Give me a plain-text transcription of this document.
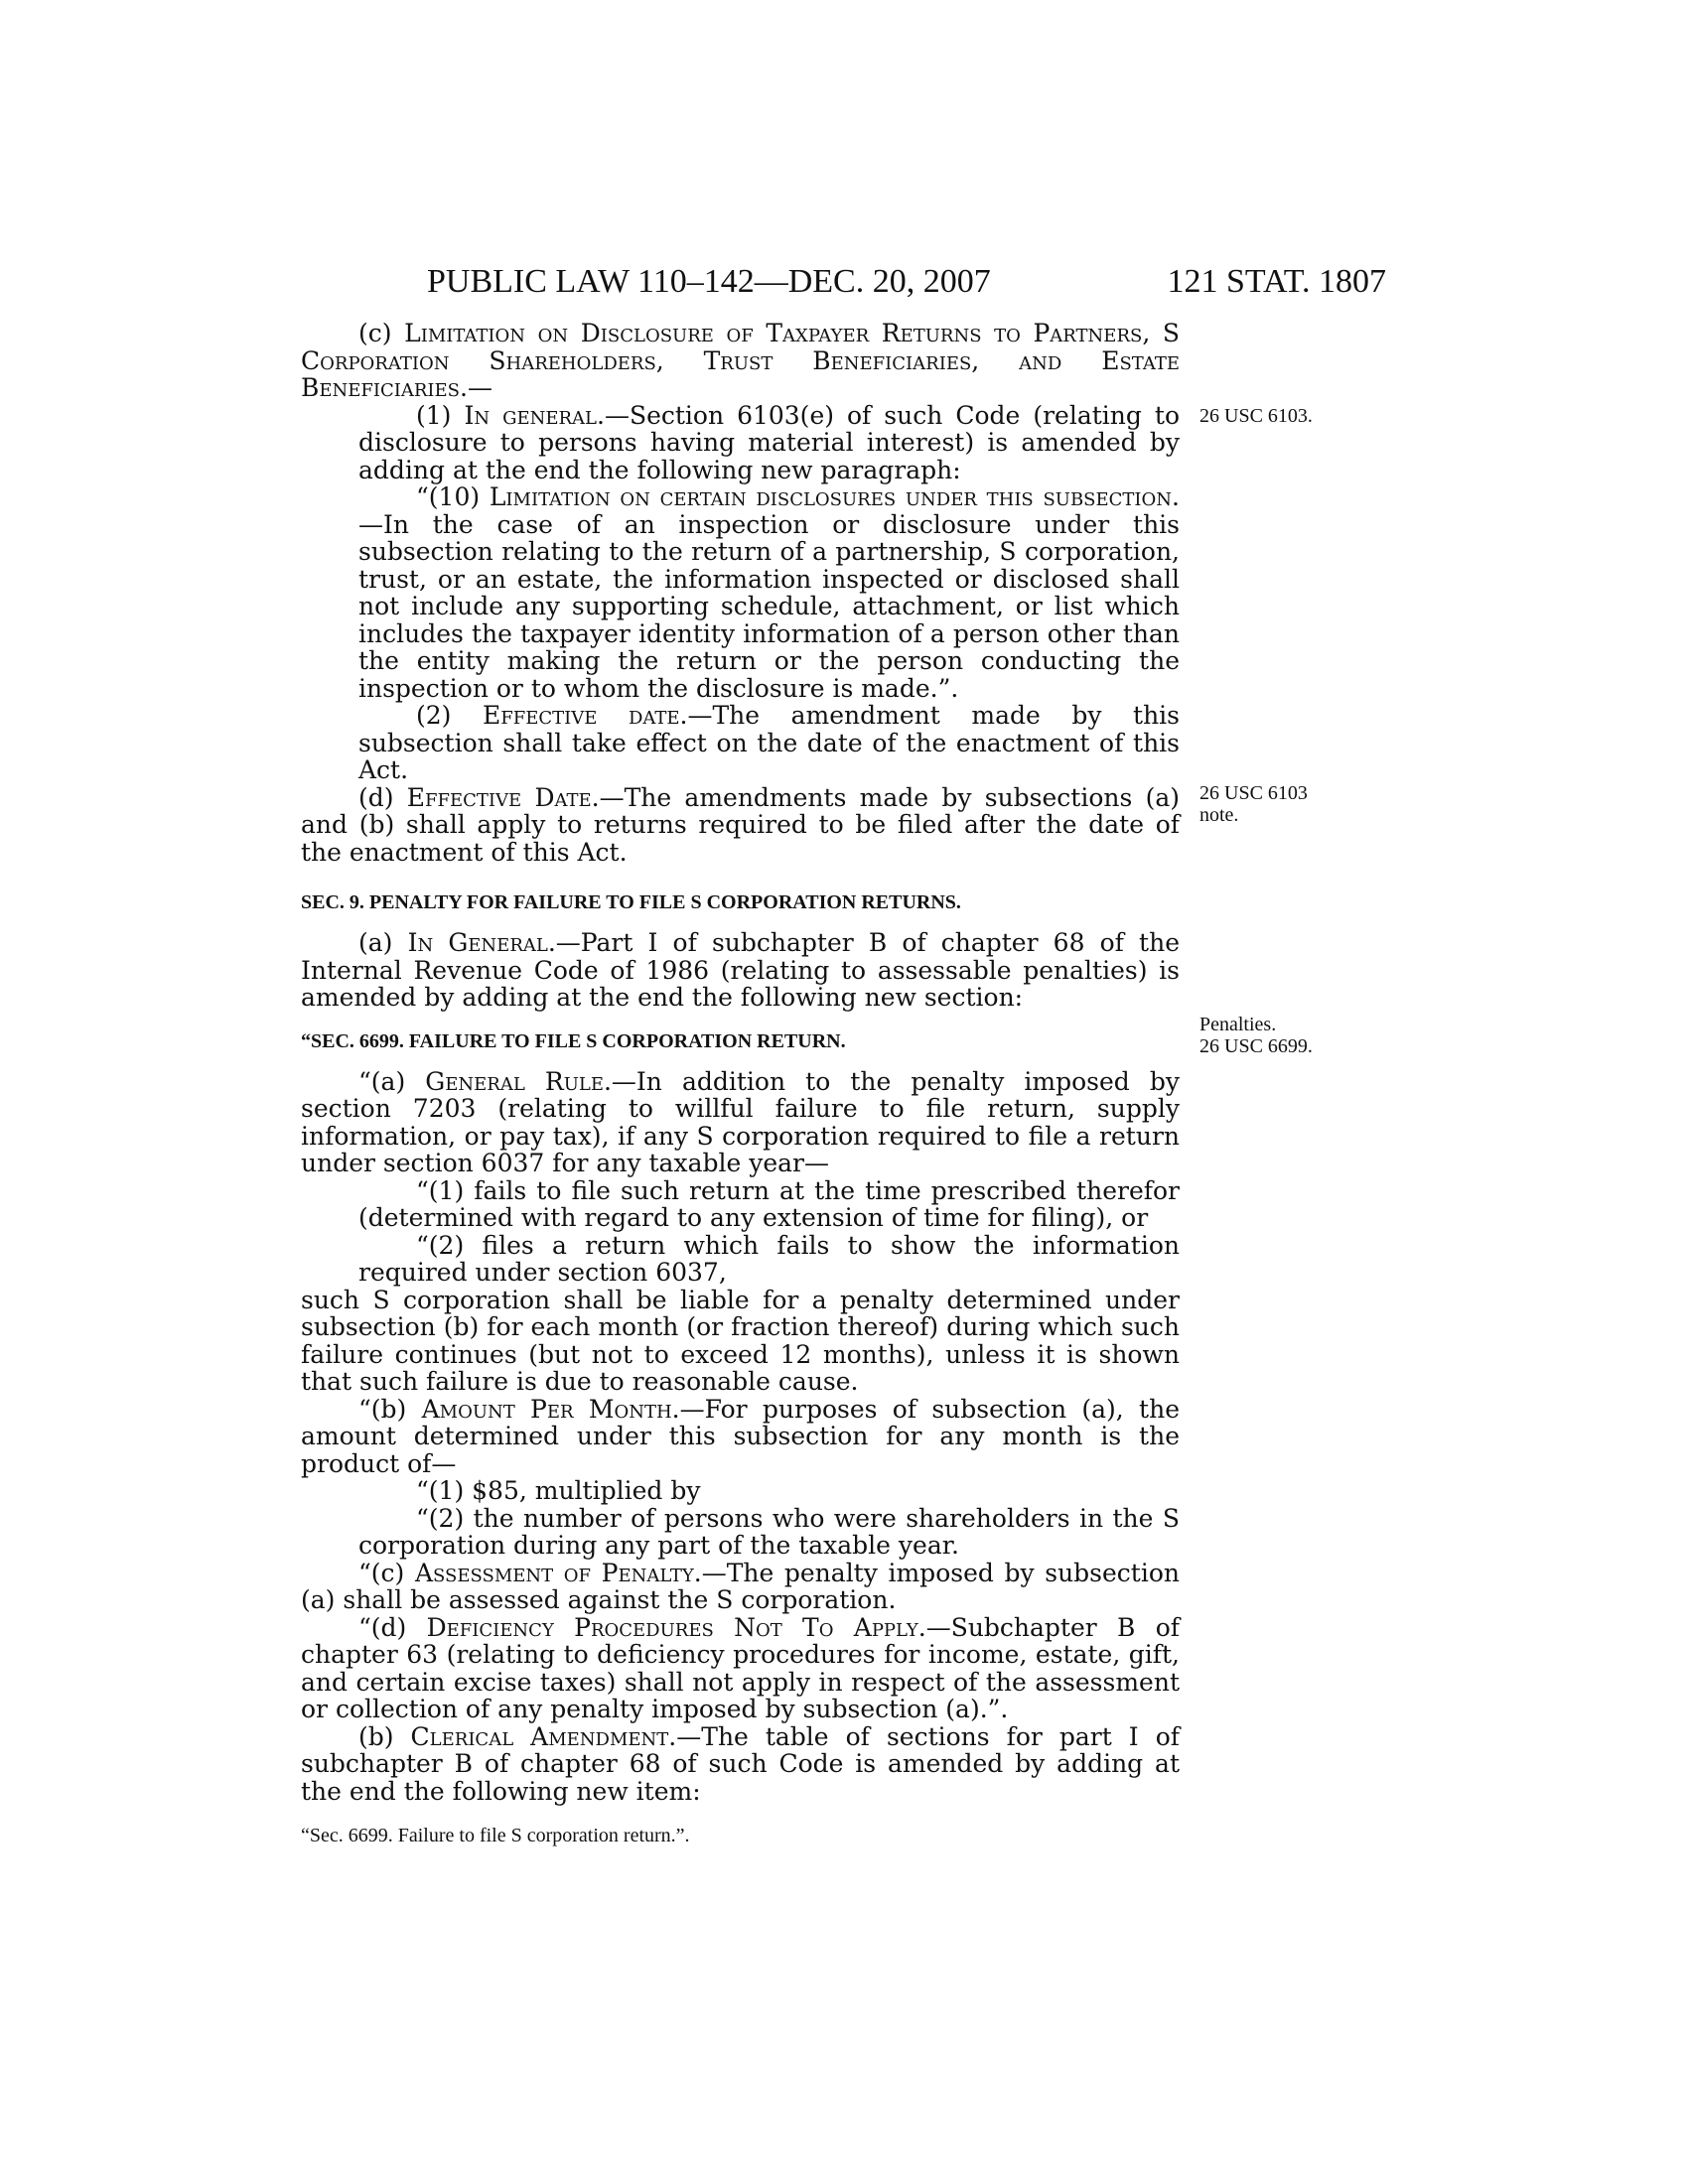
PUBLIC LAW 110–142—DEC. 20, 2007	121 STAT. 1807

(c) Limitation on Disclosure of Taxpayer Returns to Partners, S Corporation Shareholders, Trust Beneficiaries, and Estate Beneficiaries.—

(1) In general.—Section 6103(e) of such Code (relating to disclosure to persons having material interest) is amended by adding at the end the following new paragraph:

“(10) Limitation on certain disclosures under this subsection.—In the case of an inspection or disclosure under this subsection relating to the return of a partnership, S corporation, trust, or an estate, the information inspected or disclosed shall not include any supporting schedule, attachment, or list which includes the taxpayer identity information of a person other than the entity making the return or the person conducting the inspection or to whom the disclosure is made.”.

(2) Effective date.—The amendment made by this subsection shall take effect on the date of the enactment of this Act.

(d) Effective Date.—The amendments made by subsections (a) and (b) shall apply to returns required to be filed after the date of the enactment of this Act.

SEC. 9. PENALTY FOR FAILURE TO FILE S CORPORATION RETURNS.

(a) In General.—Part I of subchapter B of chapter 68 of the Internal Revenue Code of 1986 (relating to assessable penalties) is amended by adding at the end the following new section:

“SEC. 6699. FAILURE TO FILE S CORPORATION RETURN.

“(a) General Rule.—In addition to the penalty imposed by section 7203 (relating to willful failure to file return, supply information, or pay tax), if any S corporation required to file a return under section 6037 for any taxable year—

“(1) fails to file such return at the time prescribed therefor (determined with regard to any extension of time for filing), or

“(2) files a return which fails to show the information required under section 6037,

such S corporation shall be liable for a penalty determined under subsection (b) for each month (or fraction thereof) during which such failure continues (but not to exceed 12 months), unless it is shown that such failure is due to reasonable cause.

“(b) Amount Per Month.—For purposes of subsection (a), the amount determined under this subsection for any month is the product of—

“(1) $85, multiplied by

“(2) the number of persons who were shareholders in the S corporation during any part of the taxable year.

“(c) Assessment of Penalty.—The penalty imposed by subsection (a) shall be assessed against the S corporation.

“(d) Deficiency Procedures Not To Apply.—Subchapter B of chapter 63 (relating to deficiency procedures for income, estate, gift, and certain excise taxes) shall not apply in respect of the assessment or collection of any penalty imposed by subsection (a).”.

(b) Clerical Amendment.—The table of sections for part I of subchapter B of chapter 68 of such Code is amended by adding at the end the following new item:

“Sec. 6699. Failure to file S corporation return.”.

26 USC 6103.
26 USC 6103
note.
Penalties.
26 USC 6699.
